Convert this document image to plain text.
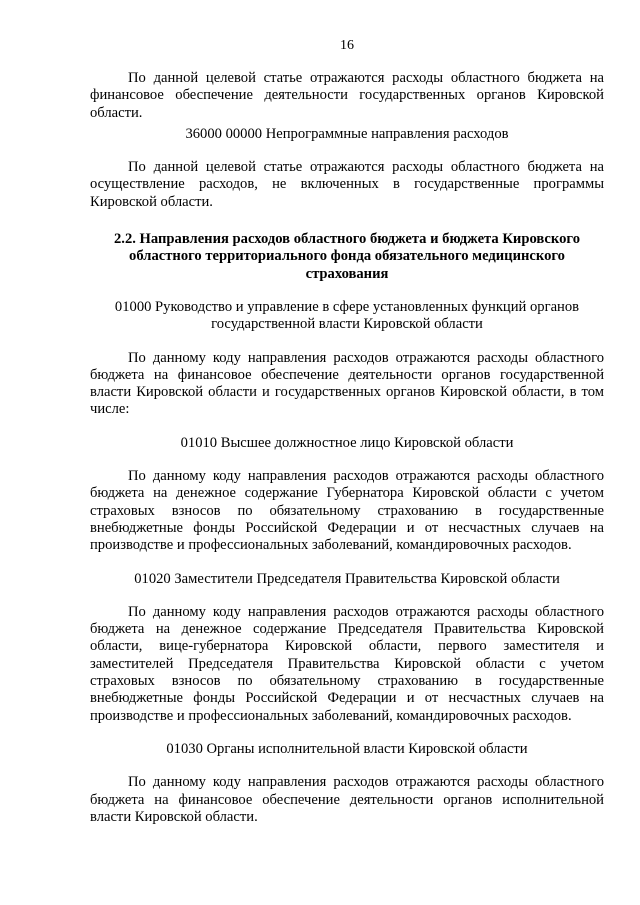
16

По данной целевой статье отражаются расходы областного бюджета на финансовое обеспечение деятельности государственных органов Кировской области.

36000 00000 Непрограммные направления расходов

По данной целевой статье отражаются расходы областного бюджета на осуществление расходов, не включенных в государственные программы Кировской области.

2.2. Направления расходов областного бюджета и бюджета Кировского областного территориального фонда обязательного медицинского страхования

01000 Руководство и управление в сфере установленных функций органов государственной власти Кировской области

По данному коду направления расходов отражаются расходы областного бюджета на финансовое обеспечение деятельности органов государственной власти Кировской области и государственных органов Кировской области, в том числе:

01010 Высшее должностное лицо Кировской области

По данному коду направления расходов отражаются расходы областного бюджета на денежное содержание Губернатора Кировской области с учетом страховых взносов по обязательному страхованию в государственные внебюджетные фонды Российской Федерации и от несчастных случаев на производстве и профессиональных заболеваний, командировочных расходов.

01020 Заместители Председателя Правительства Кировской области

По данному коду направления расходов отражаются расходы областного бюджета на денежное содержание Председателя Правительства Кировской области, вице-губернатора Кировской области, первого заместителя и заместителей Председателя Правительства Кировской области с учетом страховых взносов по обязательному страхованию в государственные внебюджетные фонды Российской Федерации и от несчастных случаев на производстве и профессиональных заболеваний, командировочных расходов.

01030 Органы исполнительной власти Кировской области

По данному коду направления расходов отражаются расходы областного бюджета на финансовое обеспечение деятельности органов исполнительной власти Кировской области.
